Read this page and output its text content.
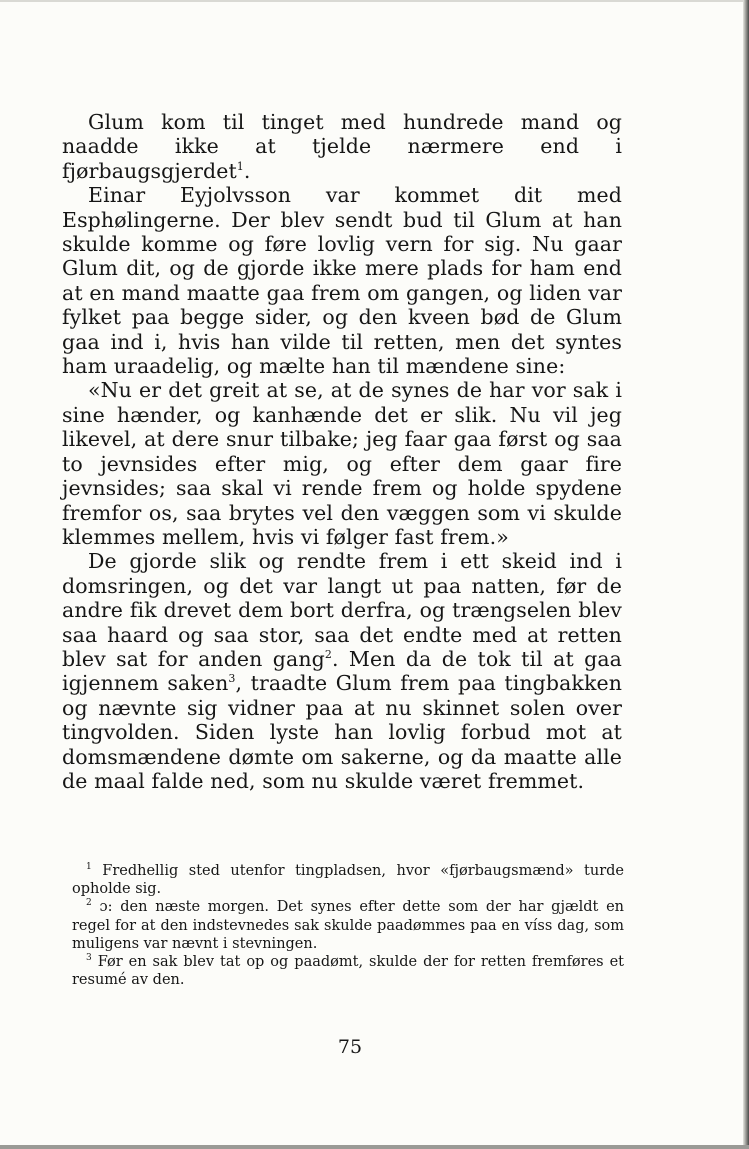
Glum kom til tinget med hundrede mand og naadde ikke at tjelde nærmere end i fjørbaugsgjerdet$^1$.

Einar Eyjolvsson var kommet dit med Esphølingerne. Der blev sendt bud til Glum at han skulde komme og føre lovlig vern for sig. Nu gaar Glum dit, og de gjorde ikke mere plads for ham end at en mand maatte gaa frem om gangen, og liden var fylket paa begge sider, og den kveen bød de Glum gaa ind i, hvis han vilde til retten, men det syntes ham uraadelig, og mælte han til mændene sine:

«Nu er det greit at se, at de synes de har vor sak i sine hænder, og kanhænde det er slik. Nu vil jeg likevel, at dere snur tilbake; jeg faar gaa først og saa to jevnsides efter mig, og efter dem gaar fire jevnsides; saa skal vi rende frem og holde spydene fremfor os, saa brytes vel den væggen som vi skulde klemmes mellem, hvis vi følger fast frem.»

De gjorde slik og rendte frem i ett skeid ind i domsringen, og det var langt ut paa natten, før de andre fik drevet dem bort derfra, og trængselen blev saa haard og saa stor, saa det endte med at retten blev sat for anden gang$^2$. Men da de tok til at gaa igjennem saken$^3$, traadte Glum frem paa tingbakken og nævnte sig vidner paa at nu skinnet solen over tingvolden. Siden lyste han lovlig forbud mot at domsmændene dømte om sakerne, og da maatte alle de maal falde ned, som nu skulde været fremmet.

$^1$ Fredhellig sted utenfor tingpladsen, hvor «fjørbaugsmænd» turde opholde sig.

$^2$ ɔ: den næste morgen. Det synes efter dette som der har gjældt en regel for at den indstevnedes sak skulde paadømmes paa en víss dag, som muligens var nævnt i stevningen.

$^3$ Før en sak blev tat op og paadømt, skulde der for retten fremføres et resumé av den.

75
